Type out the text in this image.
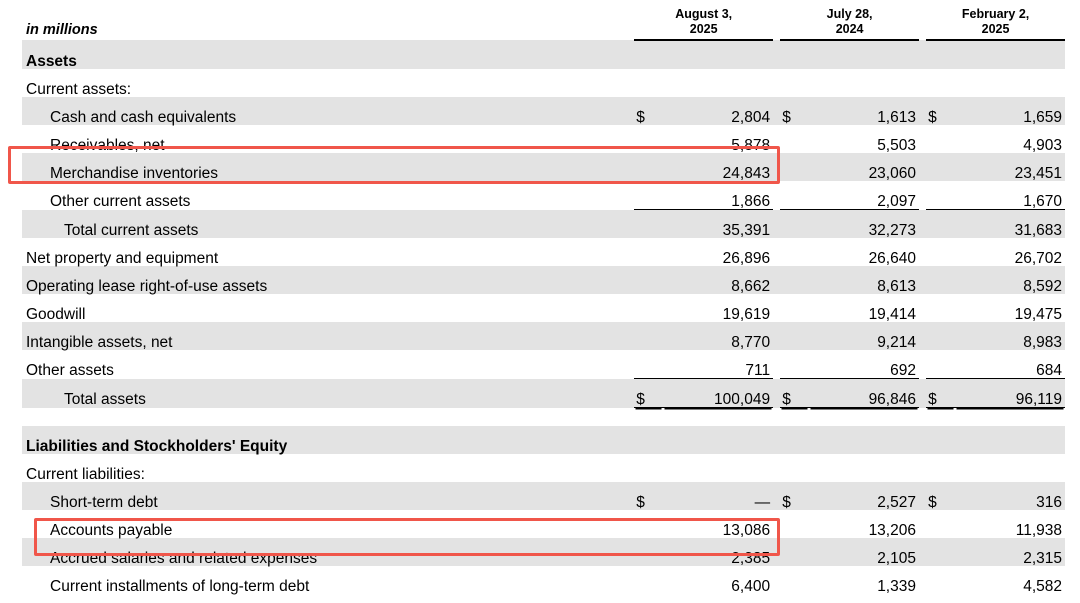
in millions	
August 3,
2025

July 28,
2024

February 2,
2025

Assets								
Current assets:								
Cash and cash equivalents	$	2,804		$	1,613		$	1,659
Receivables, net		5,878			5,503			4,903
Merchandise inventories		24,843			23,060			23,451
Other current assets		1,866			2,097			1,670
Total current assets		35,391			32,273			31,683
Net property and equipment		26,896			26,640			26,702
Operating lease right-of-use assets		8,662			8,613			8,592
Goodwill		19,619			19,414			19,475
Intangible assets, net		8,770			9,214			8,983
Other assets		711			692			684
Total assets	$	100,049		$	96,846		$	96,119

Liabilities and Stockholders' Equity								
Current liabilities:								
Short-term debt	$	—		$	2,527		$	316
Accounts payable		13,086			13,206			11,938
Accrued salaries and related expenses		2,385			2,105			2,315
Current installments of long-term debt		6,400			1,339			4,582
